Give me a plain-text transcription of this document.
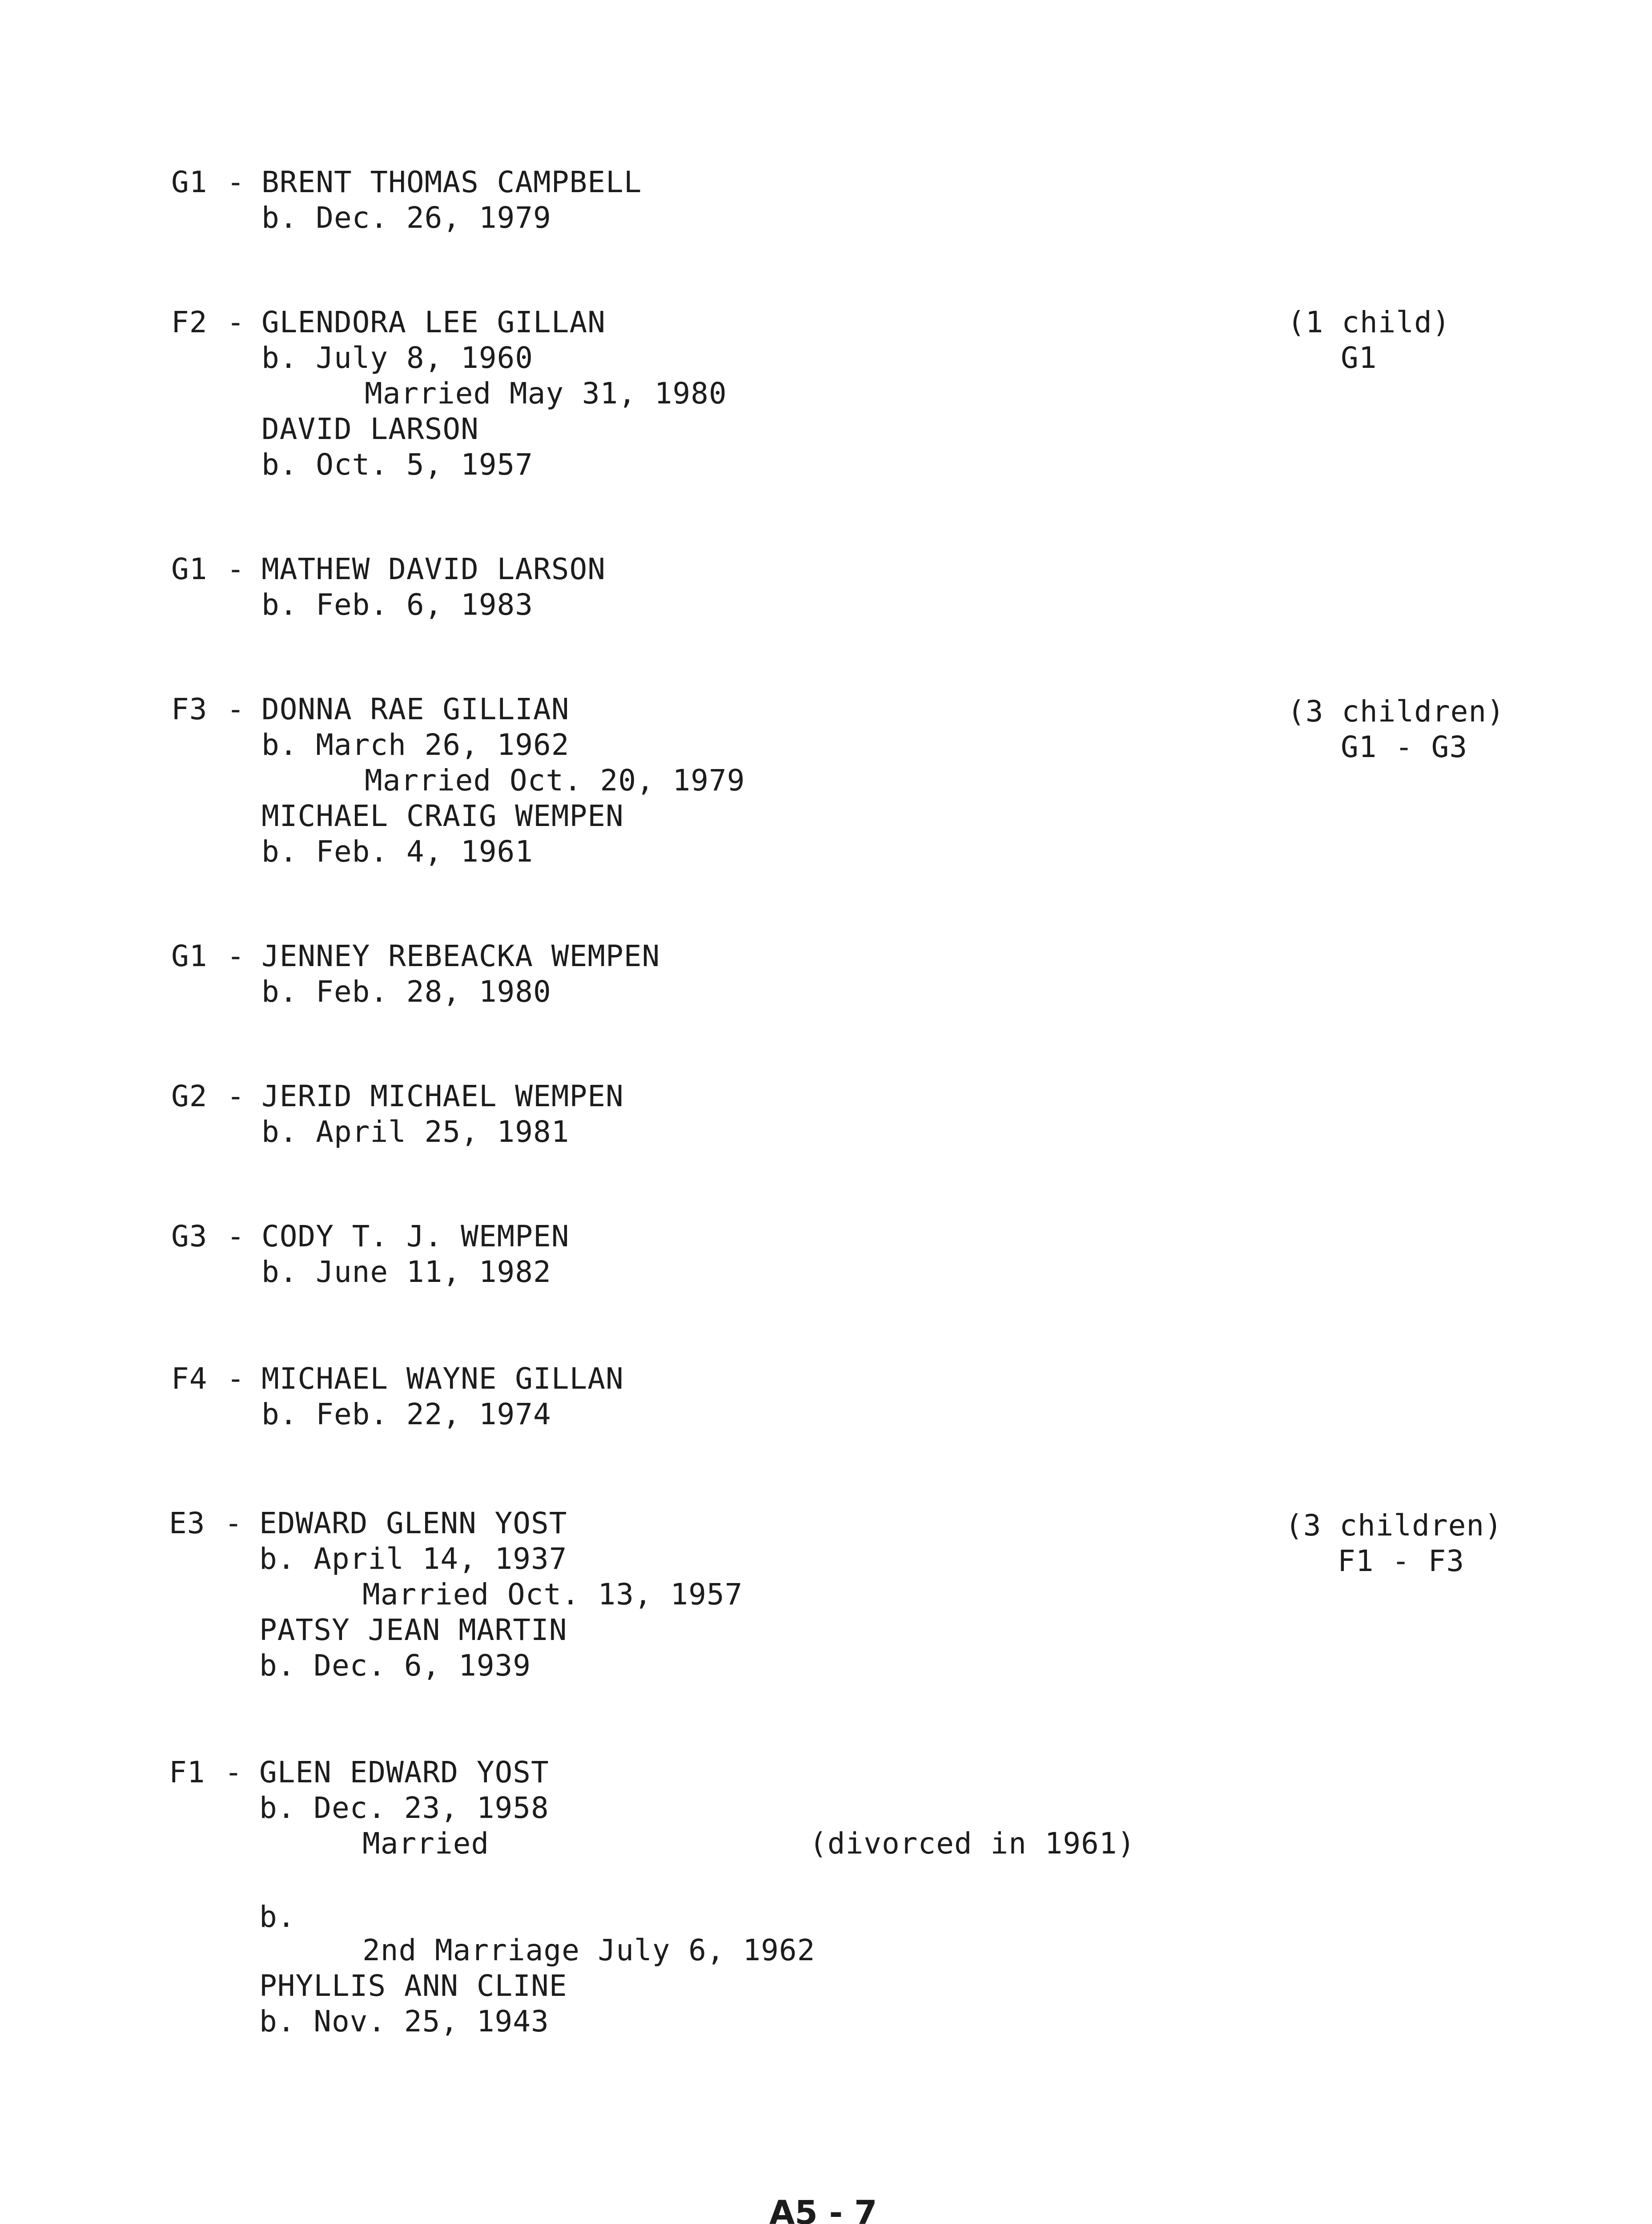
G1 - BRENT THOMAS CAMPBELL
b. Dec. 26, 1979
F2 - GLENDORA LEE GILLAN
b. July 8, 1960
Married May 31, 1980
DAVID LARSON
b. Oct. 5, 1957
(1 child)
G1
G1 - MATHEW DAVID LARSON
b. Feb. 6, 1983
F3 - DONNA RAE GILLIAN
b. March 26, 1962
Married Oct. 20, 1979
MICHAEL CRAIG WEMPEN
b. Feb. 4, 1961
(3 children)
G1 - G3
G1 - JENNEY REBEACKA WEMPEN
b. Feb. 28, 1980
G2 - JERID MICHAEL WEMPEN
b. April 25, 1981
G3 - CODY T. J. WEMPEN
b. June 11, 1982
F4 - MICHAEL WAYNE GILLAN
b. Feb. 22, 1974
E3 - EDWARD GLENN YOST
b. April 14, 1937
Married Oct. 13, 1957
PATSY JEAN MARTIN
b. Dec. 6, 1939
(3 children)
F1 - F3
F1 - GLEN EDWARD YOST
b. Dec. 23, 1958
Married	(divorced in 1961)
b.
2nd Marriage July 6, 1962
PHYLLIS ANN CLINE
b. Nov. 25, 1943
A5 - 7
